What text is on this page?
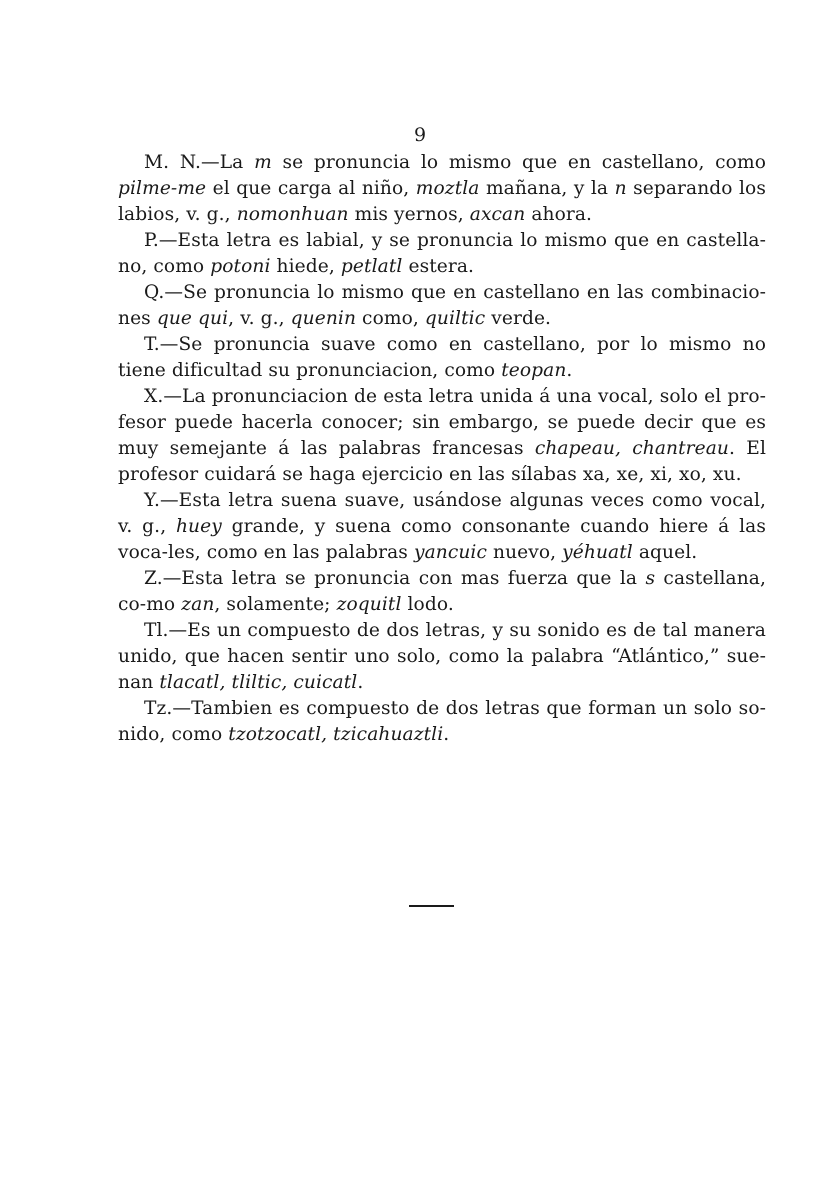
9

M. N.—La m se pronuncia lo mismo que en castellano, como pilme-me el que carga al niño, moztla mañana, y la n separando los labios, v. g., nomonhuan mis yernos, axcan ahora.

P.—Esta letra es labial, y se pronuncia lo mismo que en castella-no, como potoni hiede, petlatl estera.

Q.—Se pronuncia lo mismo que en castellano en las combinacio-nes que qui, v. g., quenin como, quiltic verde.

T.—Se pronuncia suave como en castellano, por lo mismo no tiene dificultad su pronunciacion, como teopan.

X.—La pronunciacion de esta letra unida á una vocal, solo el pro-fesor puede hacerla conocer; sin embargo, se puede decir que es muy semejante á las palabras francesas chapeau, chantreau. El profesor cuidará se haga ejercicio en las sílabas xa, xe, xi, xo, xu.

Y.—Esta letra suena suave, usándose algunas veces como vocal, v. g., huey grande, y suena como consonante cuando hiere á las voca-les, como en las palabras yancuic nuevo, yéhuatl aquel.

Z.—Esta letra se pronuncia con mas fuerza que la s castellana, co-mo zan, solamente; zoquitl lodo.

Tl.—Es un compuesto de dos letras, y su sonido es de tal manera unido, que hacen sentir uno solo, como la palabra “Atlántico,” sue-nan tlacatl, tliltic, cuicatl.

Tz.—Tambien es compuesto de dos letras que forman un solo so-nido, como tzotzocatl, tzicahuaztli.
